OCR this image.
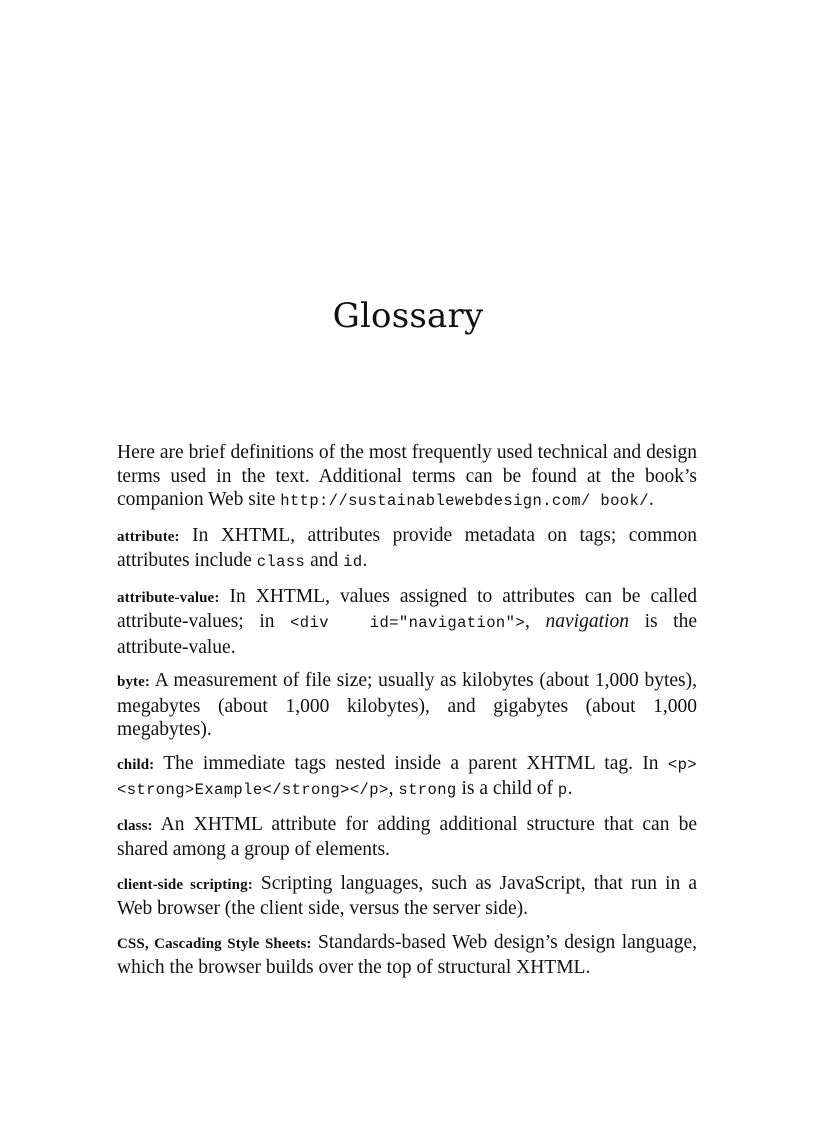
Glossary

Here are brief definitions of the most frequently used technical and design terms used in the text. Additional terms can be found at the book’s companion Web site http://sustainablewebdesign.com/ book/.

attribute: In XHTML, attributes provide metadata on tags; common attributes include class and id.

attribute-value: In XHTML, values assigned to attributes can be called attribute-values; in <div  id="navigation">, navigation is the attribute-value.

byte: A measurement of file size; usually as kilobytes (about 1,000 bytes), megabytes (about 1,000 kilobytes), and gigabytes (about 1,000 megabytes).

child: The immediate tags nested inside a parent XHTML tag. In <p><strong>Example</strong></p>, strong is a child of p.

class: An XHTML attribute for adding additional structure that can be shared among a group of elements.

client-side scripting: Scripting languages, such as JavaScript, that run in a Web browser (the client side, versus the server side).

CSS, Cascading Style Sheets: Standards-based Web design’s design language, which the browser builds over the top of structural XHTML.
